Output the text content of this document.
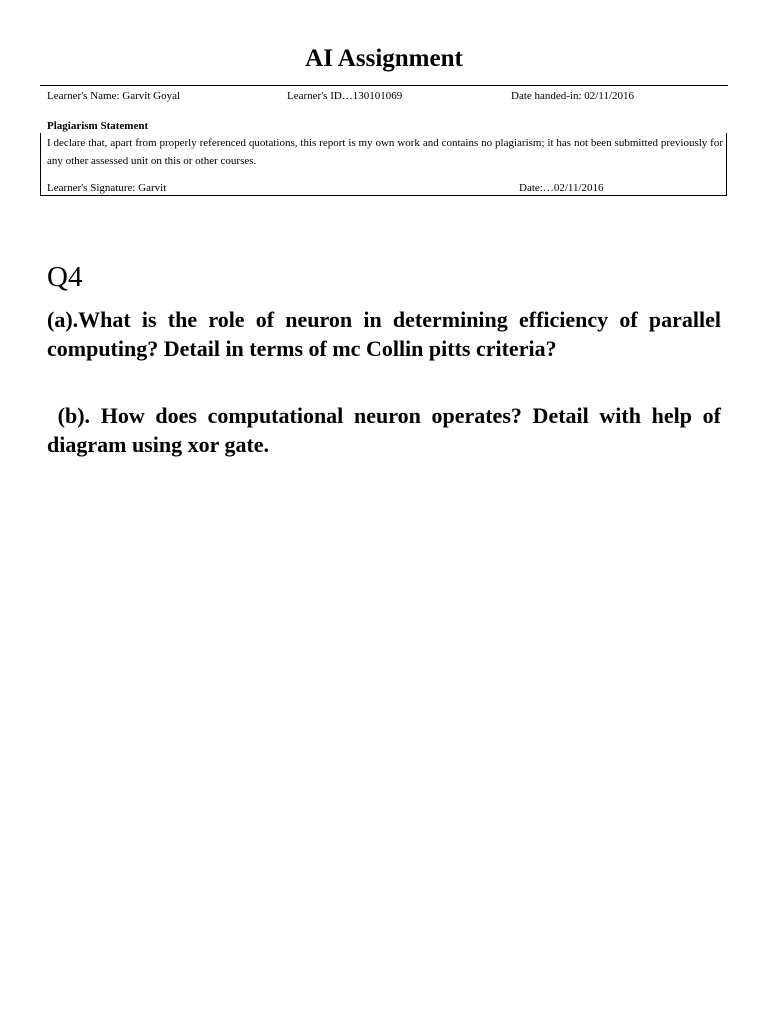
AI Assignment
Learner's Name: Garvit Goyal	Learner's ID…130101069	Date handed-in: 02/11/2016
Plagiarism Statement
I declare that, apart from properly referenced quotations, this report is my own work and contains no plagiarism; it has not been submitted previously for any other assessed unit on this or other courses.
Learner's Signature: Garvit	Date:…02/11/2016
Q4
(a).What is the role of neuron in determining efficiency of parallel computing? Detail in terms of mc Collin pitts criteria?
(b). How does computational neuron operates? Detail with help of diagram using xor gate.
